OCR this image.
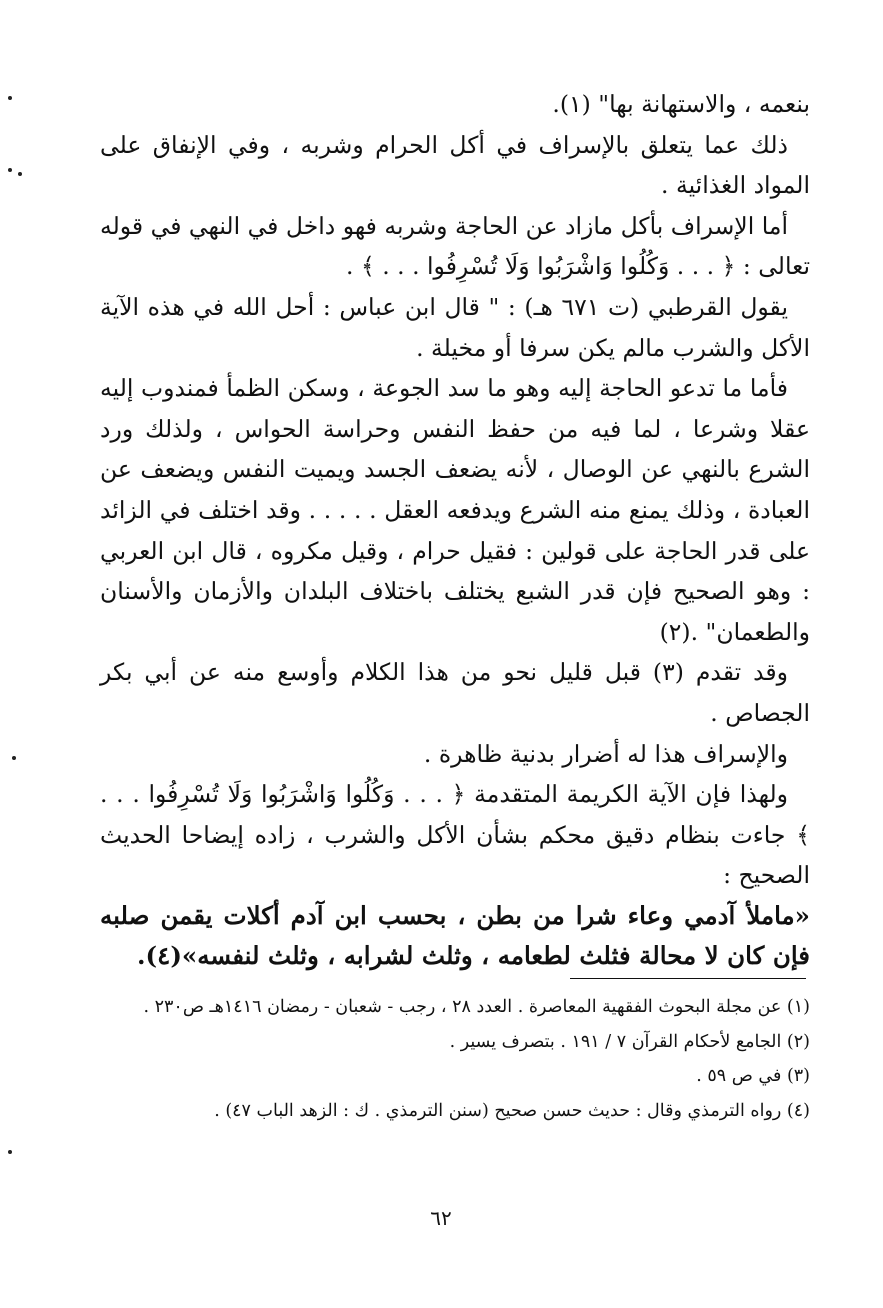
بنعمه ، والاستهانة بها" (١).

ذلك عما يتعلق بالإسراف في أكل الحرام وشربه ، وفي الإنفاق على المواد الغذائية .

أما الإسراف بأكل مازاد عن الحاجة وشربه فهو داخل في النهي في قوله تعالى : ﴿ . . . وَكُلُوا وَاشْرَبُوا وَلَا تُسْرِفُوا . . . ﴾ .

يقول القرطبي (ت ٦٧١ هـ) : " قال ابن عباس : أحل الله في هذه الآية الأكل والشرب مالم يكن سرفا أو مخيلة .

فأما ما تدعو الحاجة إليه وهو ما سد الجوعة ، وسكن الظمأ فمندوب إليه عقلا وشرعا ، لما فيه من حفظ النفس وحراسة الحواس ، ولذلك ورد الشرع بالنهي عن الوصال ، لأنه يضعف الجسد ويميت النفس ويضعف عن العبادة ، وذلك يمنع منه الشرع ويدفعه العقل . . . . . وقد اختلف في الزائد على قدر الحاجة على قولين : فقيل حرام ، وقيل مكروه ، قال ابن العربي : وهو الصحيح فإن قدر الشبع يختلف باختلاف البلدان والأزمان والأسنان والطعمان" .(٢)

وقد تقدم (٣) قبل قليل نحو من هذا الكلام وأوسع منه عن أبي بكر الجصاص .

والإسراف هذا له أضرار بدنية ظاهرة .

ولهذا فإن الآية الكريمة المتقدمة ﴿ . . . وَكُلُوا وَاشْرَبُوا وَلَا تُسْرِفُوا . . . ﴾ جاءت بنظام دقيق محكم بشأن الأكل والشرب ، زاده إيضاحا الحديث الصحيح :

«ماملأ آدمي وعاء شرا من بطن ، بحسب ابن آدم أكلات يقمن صلبه فإن كان لا محالة فثلث لطعامه ، وثلث لشرابه ، وثلث لنفسه»(٤).

(١) عن مجلة البحوث الفقهية المعاصرة . العدد ٢٨ ، رجب - شعبان - رمضان ١٤١٦هـ ص٢٣٠ .

(٢) الجامع لأحكام القرآن ٧ / ١٩١ . بتصرف يسير .

(٣) في ص ٥٩ .

(٤) رواه الترمذي وقال : حديث حسن صحيح (سنن الترمذي . ك : الزهد الباب ٤٧) .

٦٢
